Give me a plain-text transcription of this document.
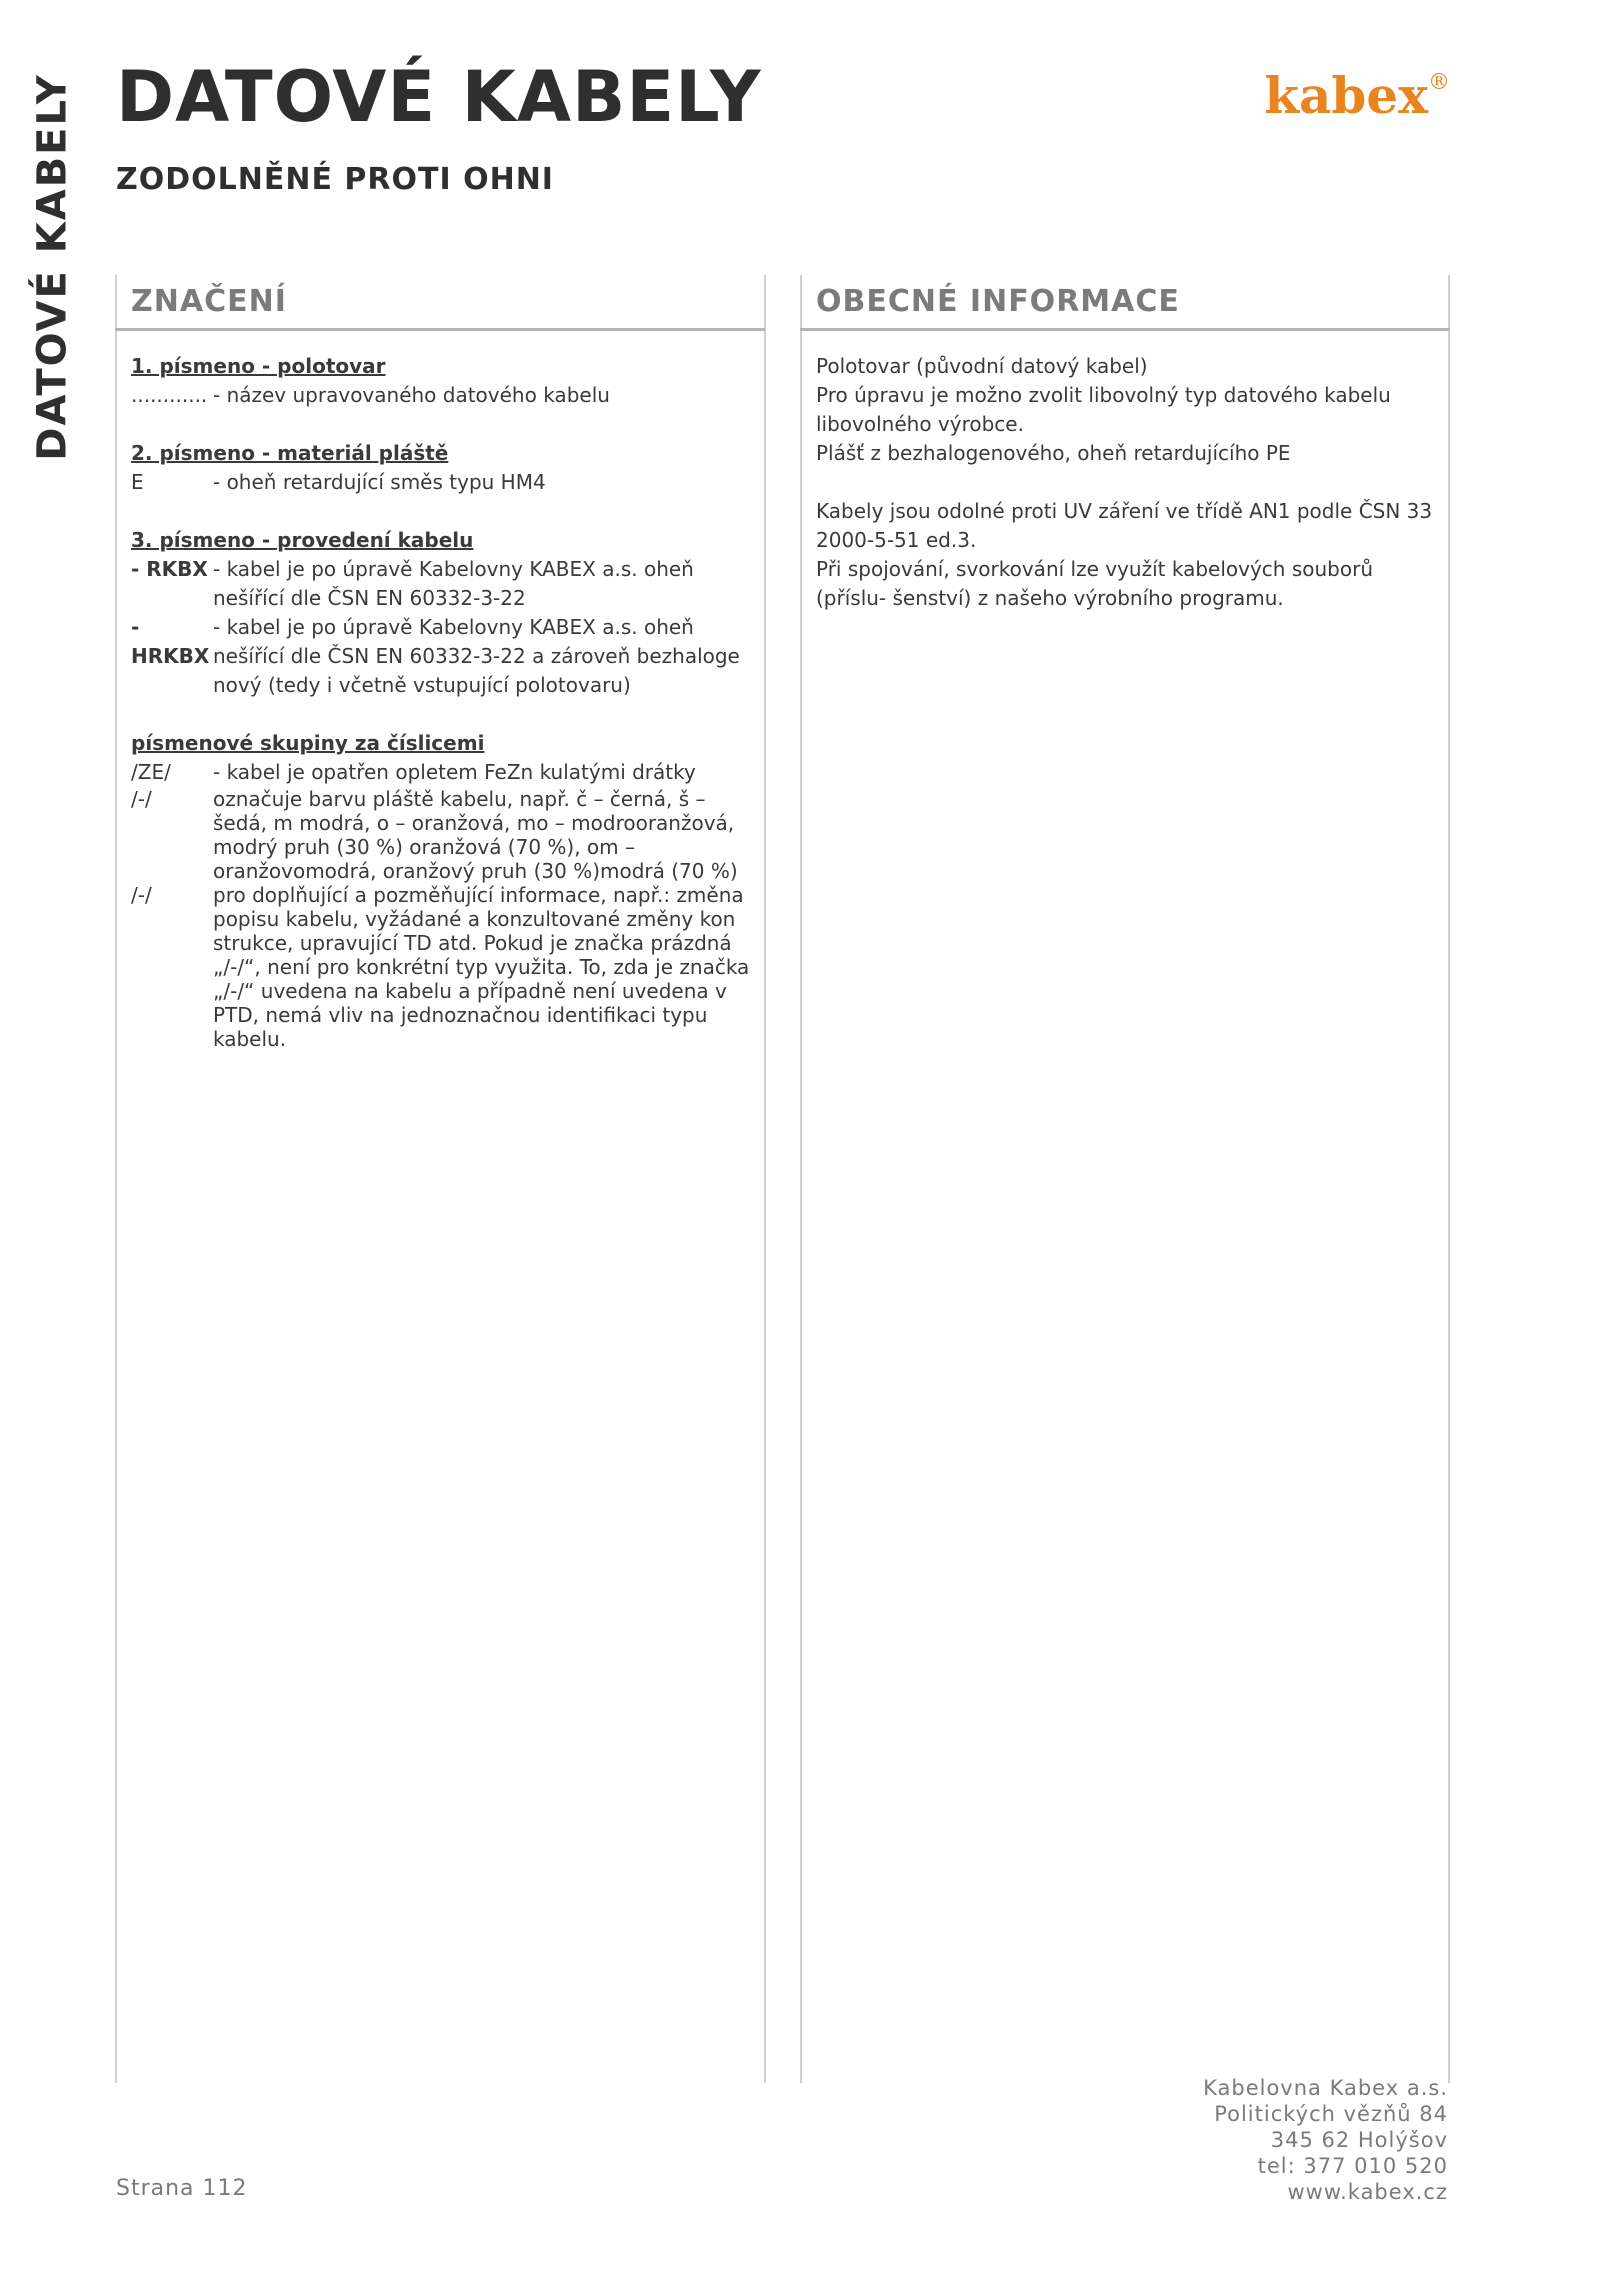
DATOVÉ KABELY DATOVÉ KABELY
ZODOLNĚNÉ PROTI OHNI
kabex®
ZNAČENÍ	OBECNÉ INFORMACE

1. písmeno - polotovar

............ - název upravovaného datového kabelu

2. písmeno - materiál pláště

E	- oheň retardující směs typu HM4

3. písmeno - provedení kabelu

- RKBX - kabel je po úpravě Kabelovny KABEX a.s. oheň nešířící dle ČSN EN 60332-3-22
- HRKBX
- kabel je po úpravě Kabelovny KABEX a.s. oheň nešířící dle ČSN EN 60332-3-22 a zároveň bezhaloge nový (tedy i včetně vstupující polotovaru)

písmenové skupiny za číslicemi

/ZE/	- kabel je opatřen opletem FeZn kulatými drátky
/-/	označuje barvu pláště kabelu, např. č – černá, š – šedá, m modrá, o – oranžová, mo – modrooranžová, modrý pruh (30 %) oranžová (70 %), om – oranžovomodrá, oranžový pruh (30 %)modrá (70 %)
/-/	pro doplňující a pozměňující informace, např.: změna popisu kabelu, vyžádané a konzultované změny kon strukce, upravující TD atd. Pokud je značka prázdná „/-/“, není pro konkrétní typ využita. To, zda je značka „/-/“ uvedena na kabelu a případně není uvedena v PTD, nemá vliv na jednoznačnou identifikaci typu kabelu.

Polotovar (původní datový kabel)

Pro úpravu je možno zvolit libovolný typ datového kabelu libovolného výrobce.

Plášť z bezhalogenového, oheň retardujícího PE

Kabely jsou odolné proti UV záření ve třídě AN1 podle ČSN 33 2000-5-51 ed.3.

Při spojování, svorkování lze využít kabelových souborů (příslu- šenství) z našeho výrobního programu.

Strana 112
Kabelovna Kabex a.s.
Politických vězňů 84
345 62 Holýšov
tel: 377 010 520
www.kabex.cz
